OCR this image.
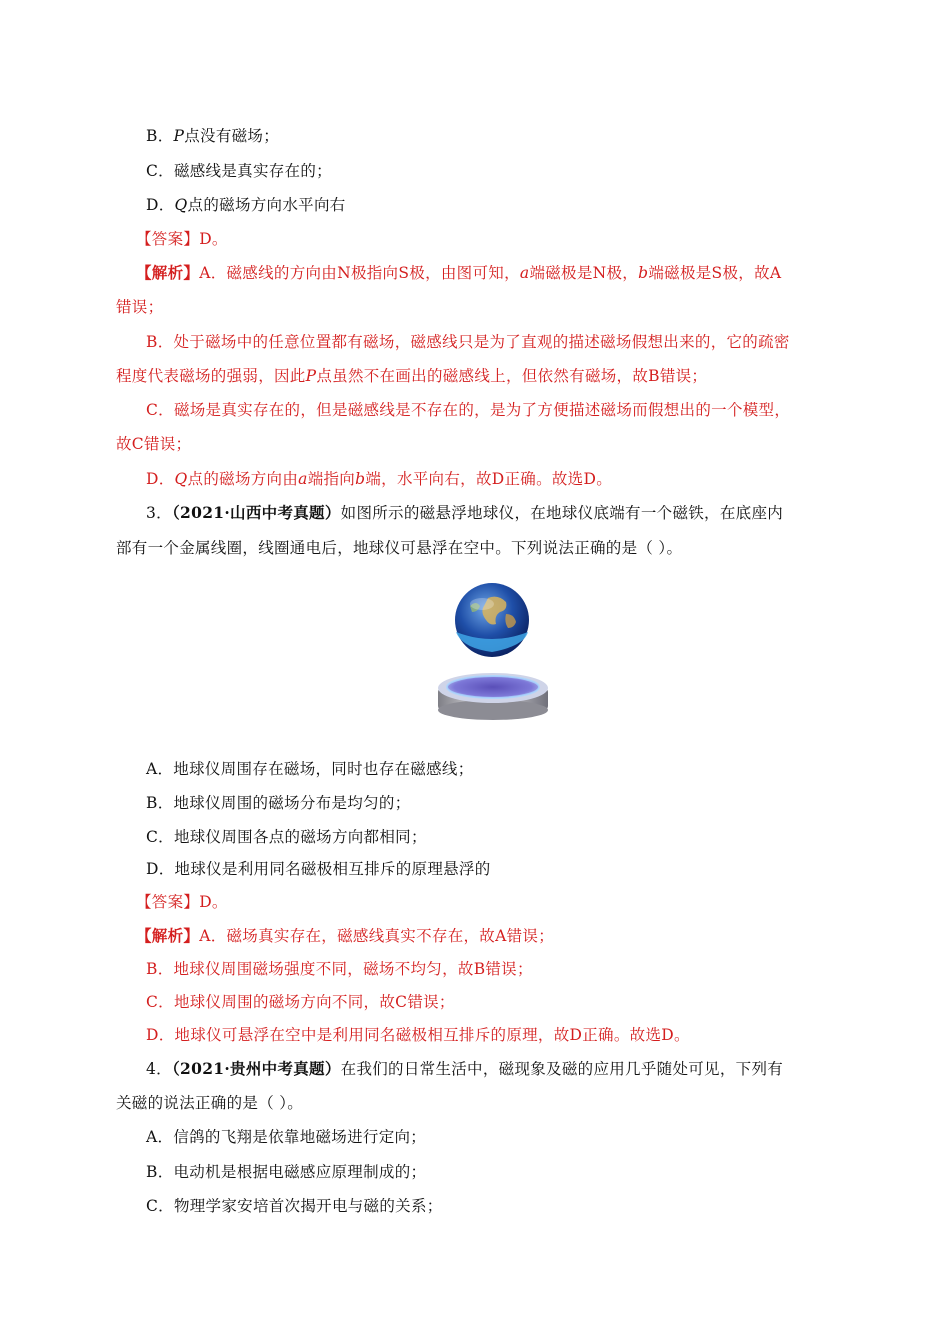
B．P点没有磁场；
C．磁感线是真实存在的；
D．Q点的磁场方向水平向右
【答案】D。
【解析】A．磁感线的方向由N极指向S极，由图可知，a端磁极是N极，b端磁极是S极，故A
错误；
B．处于磁场中的任意位置都有磁场，磁感线只是为了直观的描述磁场假想出来的，它的疏密
程度代表磁场的强弱，因此P点虽然不在画出的磁感线上，但依然有磁场，故B错误；
C．磁场是真实存在的，但是磁感线是不存在的，是为了方便描述磁场而假想出的一个模型，
故C错误；
D．Q点的磁场方向由a端指向b端，水平向右，故D正确。故选D。
3．（2021·山西中考真题）如图所示的磁悬浮地球仪，在地球仪底端有一个磁铁，在底座内
部有一个金属线圈，线圈通电后，地球仪可悬浮在空中。下列说法正确的是（ ）。
A．地球仪周围存在磁场，同时也存在磁感线；
B．地球仪周围的磁场分布是均匀的；
C．地球仪周围各点的磁场方向都相同；
D．地球仪是利用同名磁极相互排斥的原理悬浮的
【答案】D。
【解析】A．磁场真实存在，磁感线真实不存在，故A错误；
B．地球仪周围磁场强度不同，磁场不均匀，故B错误；
C．地球仪周围的磁场方向不同，故C错误；
D．地球仪可悬浮在空中是利用同名磁极相互排斥的原理，故D正确。故选D。
4．（2021·贵州中考真题）在我们的日常生活中，磁现象及磁的应用几乎随处可见，下列有
关磁的说法正确的是（ ）。
A．信鸽的飞翔是依靠地磁场进行定向；
B．电动机是根据电磁感应原理制成的；
C．物理学家安培首次揭开电与磁的关系；
